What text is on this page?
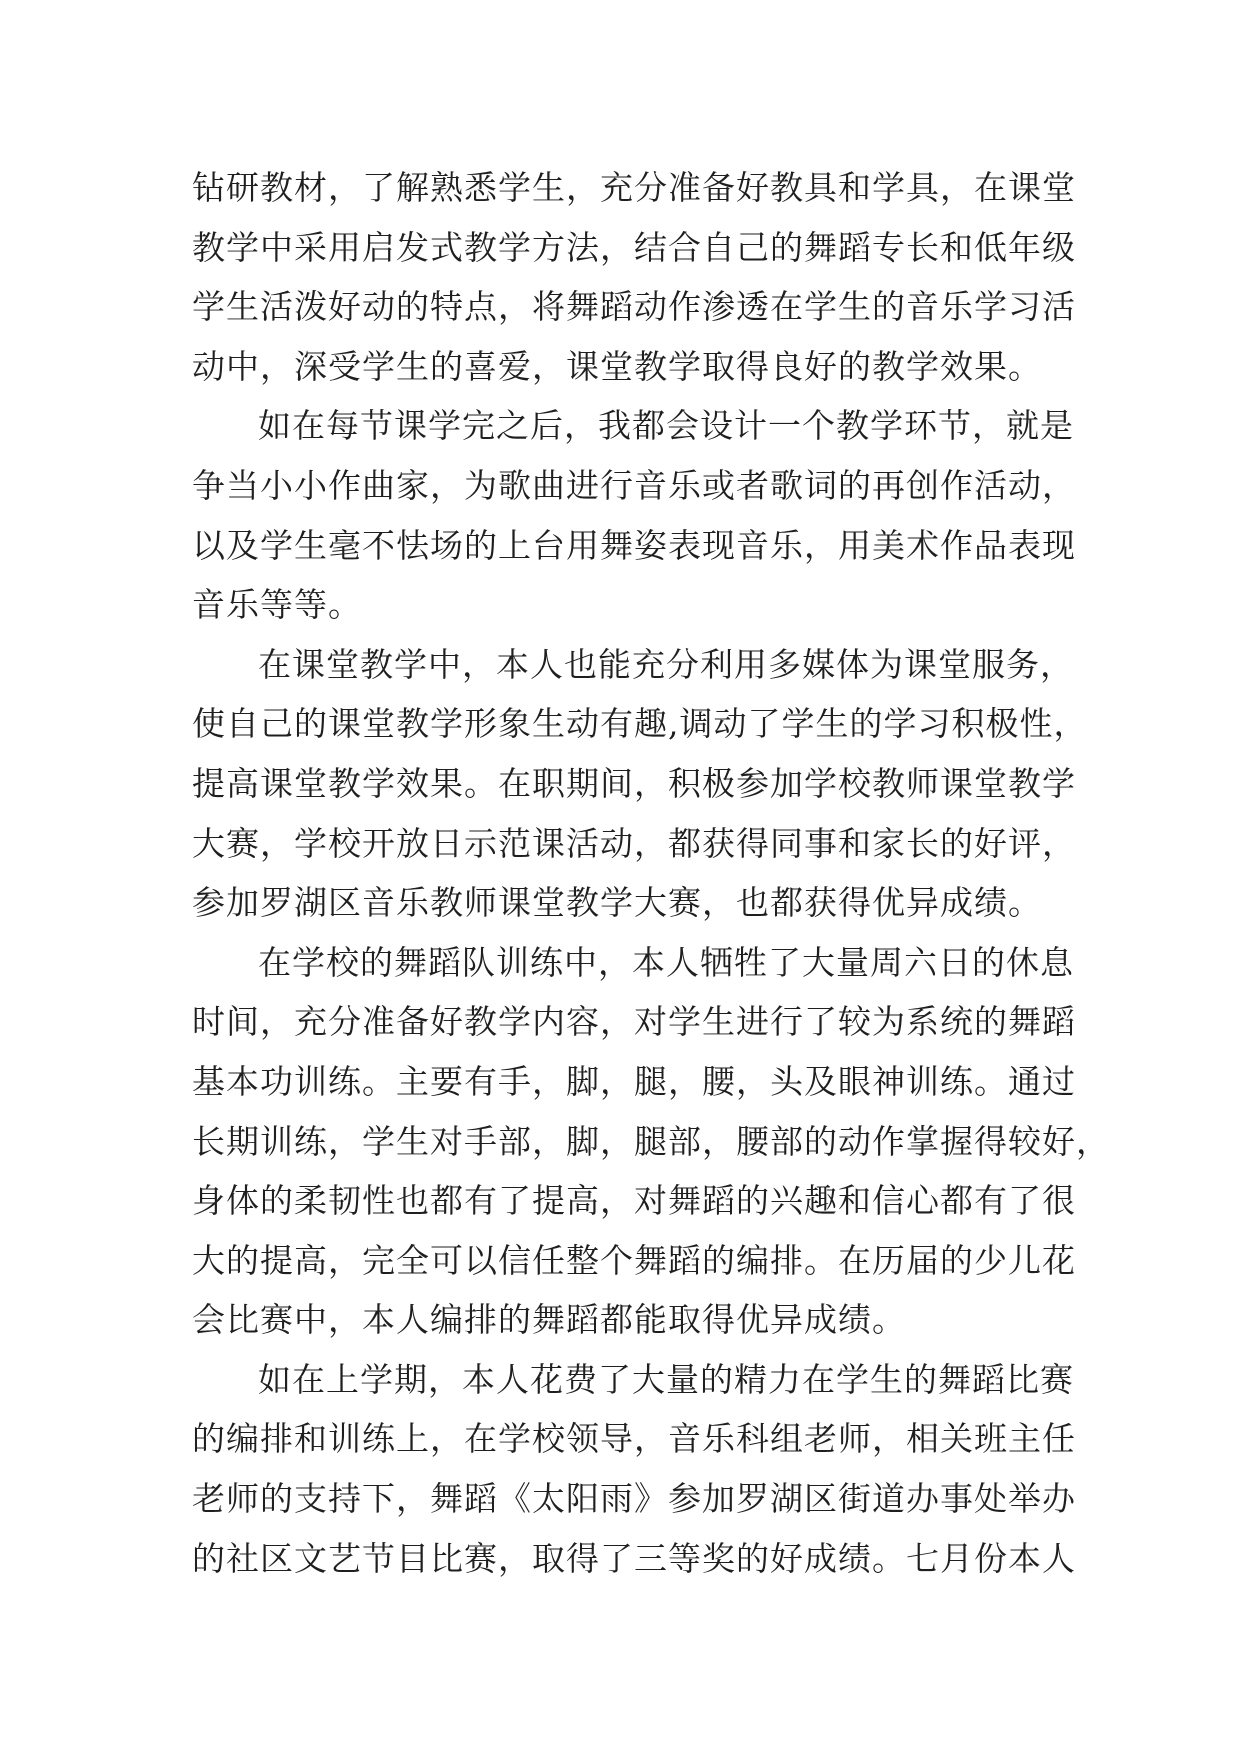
钻研教材，了解熟悉学生，充分准备好教具和学具，在课堂
教学中采用启发式教学方法，结合自己的舞蹈专长和低年级
学生活泼好动的特点，将舞蹈动作渗透在学生的音乐学习活
动中，深受学生的喜爱，课堂教学取得良好的教学效果。
如在每节课学完之后，我都会设计一个教学环节，就是
争当小小作曲家，为歌曲进行音乐或者歌词的再创作活动，
以及学生毫不怯场的上台用舞姿表现音乐，用美术作品表现
音乐等等。
在课堂教学中，本人也能充分利用多媒体为课堂服务，
使自己的课堂教学形象生动有趣,调动了学生的学习积极性，
提高课堂教学效果。在职期间，积极参加学校教师课堂教学
大赛，学校开放日示范课活动，都获得同事和家长的好评，
参加罗湖区音乐教师课堂教学大赛，也都获得优异成绩。
在学校的舞蹈队训练中，本人牺牲了大量周六日的休息
时间，充分准备好教学内容，对学生进行了较为系统的舞蹈
基本功训练。主要有手，脚，腿，腰，头及眼神训练。通过
长期训练，学生对手部，脚，腿部，腰部的动作掌握得较好，
身体的柔韧性也都有了提高，对舞蹈的兴趣和信心都有了很
大的提高，完全可以信任整个舞蹈的编排。在历届的少儿花
会比赛中，本人编排的舞蹈都能取得优异成绩。
如在上学期，本人花费了大量的精力在学生的舞蹈比赛
的编排和训练上，在学校领导，音乐科组老师，相关班主任
老师的支持下，舞蹈《太阳雨》参加罗湖区街道办事处举办
的社区文艺节目比赛，取得了三等奖的好成绩。七月份本人
